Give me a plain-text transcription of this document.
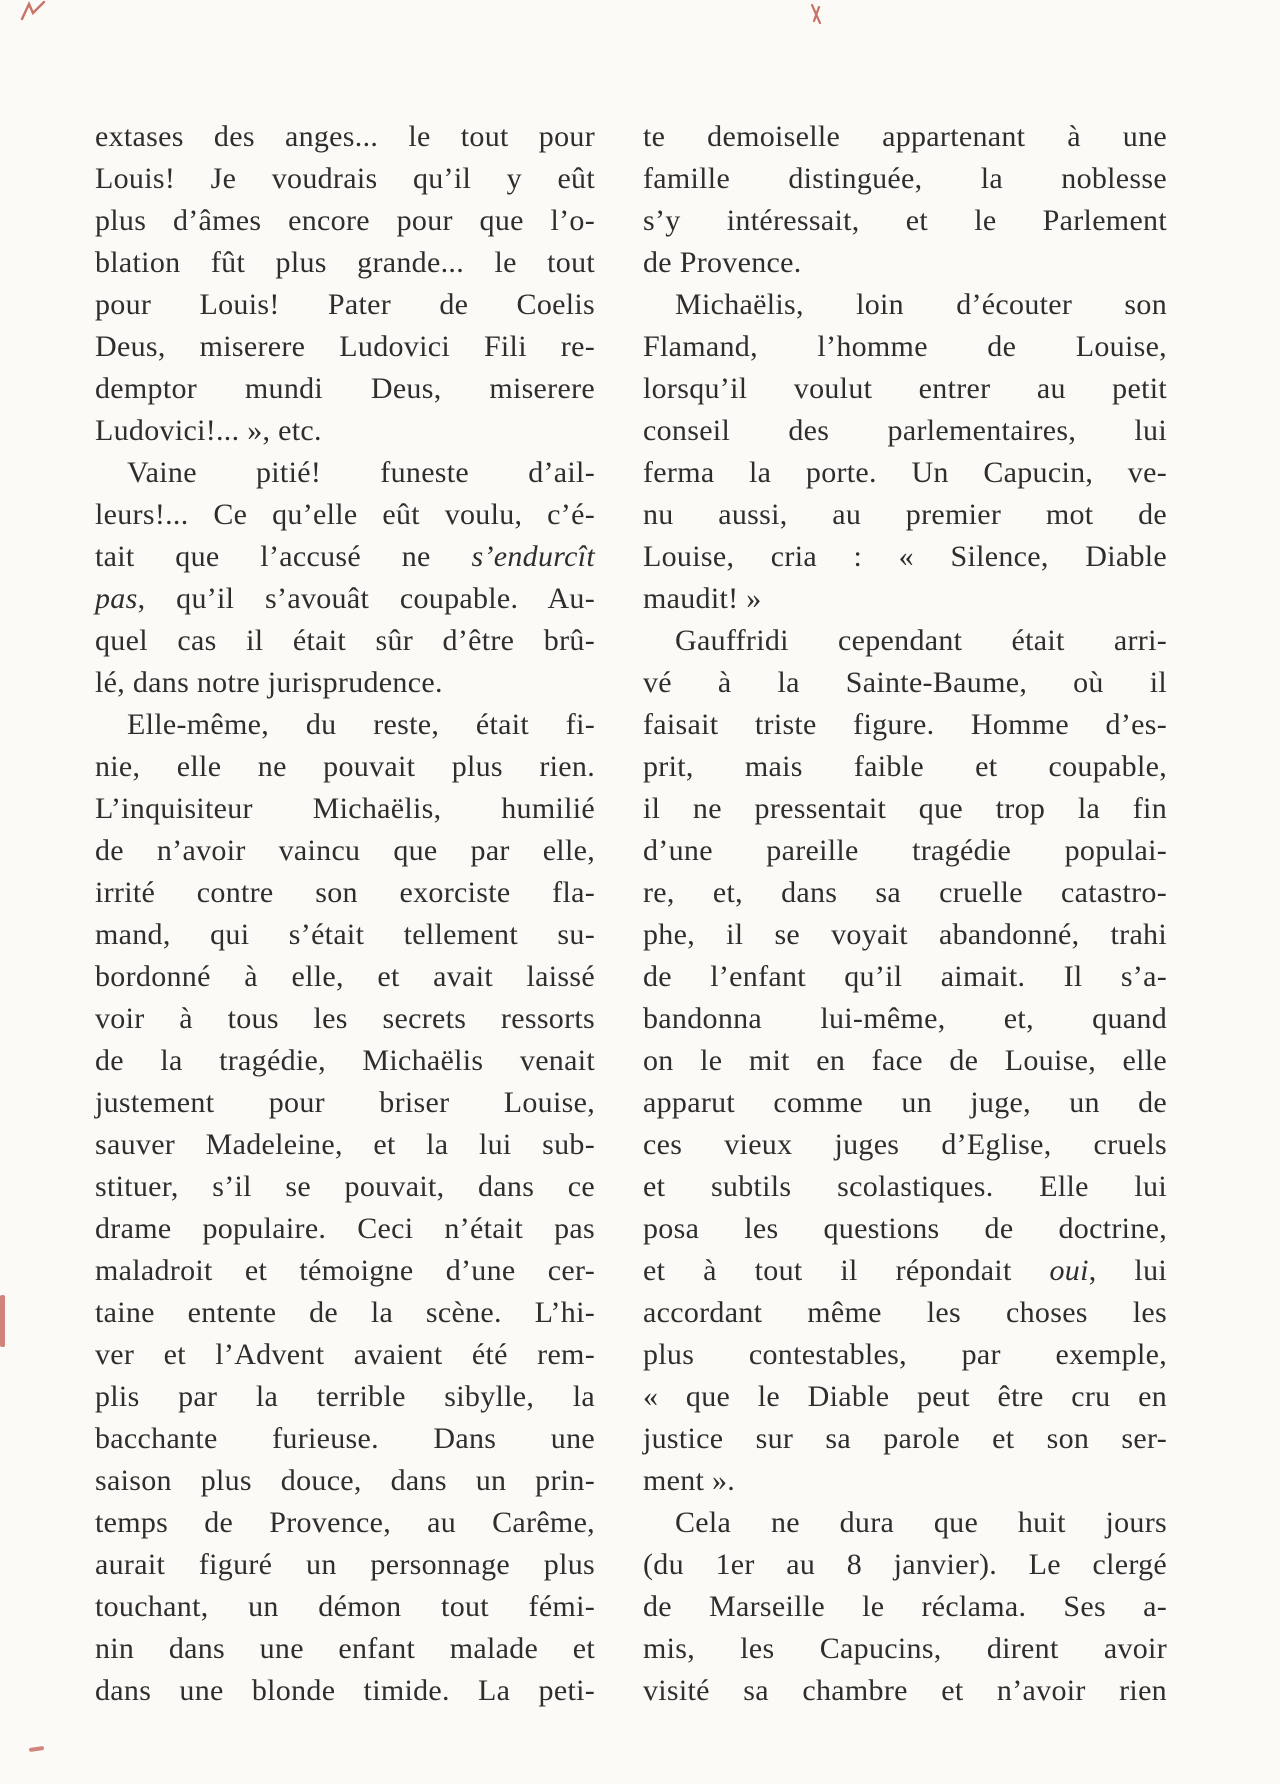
extases des anges... le tout pour
Louis! Je voudrais qu’il y eût
plus d’âmes encore pour que l’o-
blation fût plus grande... le tout
pour Louis! Pater de Coelis
Deus, miserere Ludovici Fili re-
demptor mundi Deus, miserere
Ludovici!... », etc.
Vaine pitié! funeste d’ail-
leurs!... Ce qu’elle eût voulu, c’é-
tait que l’accusé ne s’endurcît
pas, qu’il s’avouât coupable. Au-
quel cas il était sûr d’être brû-
lé, dans notre jurisprudence.
Elle-même, du reste, était fi-
nie, elle ne pouvait plus rien.
L’inquisiteur Michaëlis, humilié
de n’avoir vaincu que par elle,
irrité contre son exorciste fla-
mand, qui s’était tellement su-
bordonné à elle, et avait laissé
voir à tous les secrets ressorts
de la tragédie, Michaëlis venait
justement pour briser Louise,
sauver Madeleine, et la lui sub-
stituer, s’il se pouvait, dans ce
drame populaire. Ceci n’était pas
maladroit et témoigne d’une cer-
taine entente de la scène. L’hi-
ver et l’Advent avaient été rem-
plis par la terrible sibylle, la
bacchante furieuse. Dans une
saison plus douce, dans un prin-
temps de Provence, au Carême,
aurait figuré un personnage plus
touchant, un démon tout fémi-
nin dans une enfant malade et
dans une blonde timide. La peti-
te demoiselle appartenant à une
famille distinguée, la noblesse
s’y intéressait, et le Parlement
de Provence.
Michaëlis, loin d’écouter son
Flamand, l’homme de Louise,
lorsqu’il voulut entrer au petit
conseil des parlementaires, lui
ferma la porte. Un Capucin, ve-
nu aussi, au premier mot de
Louise, cria : « Silence, Diable
maudit! »
Gauffridi cependant était arri-
vé à la Sainte-Baume, où il
faisait triste figure. Homme d’es-
prit, mais faible et coupable,
il ne pressentait que trop la fin
d’une pareille tragédie populai-
re, et, dans sa cruelle catastro-
phe, il se voyait abandonné, trahi
de l’enfant qu’il aimait. Il s’a-
bandonna lui-même, et, quand
on le mit en face de Louise, elle
apparut comme un juge, un de
ces vieux juges d’Eglise, cruels
et subtils scolastiques. Elle lui
posa les questions de doctrine,
et à tout il répondait oui, lui
accordant même les choses les
plus contestables, par exemple,
« que le Diable peut être cru en
justice sur sa parole et son ser-
ment ».
Cela ne dura que huit jours
(du 1er au 8 janvier). Le clergé
de Marseille le réclama. Ses a-
mis, les Capucins, dirent avoir
visité sa chambre et n’avoir rien
